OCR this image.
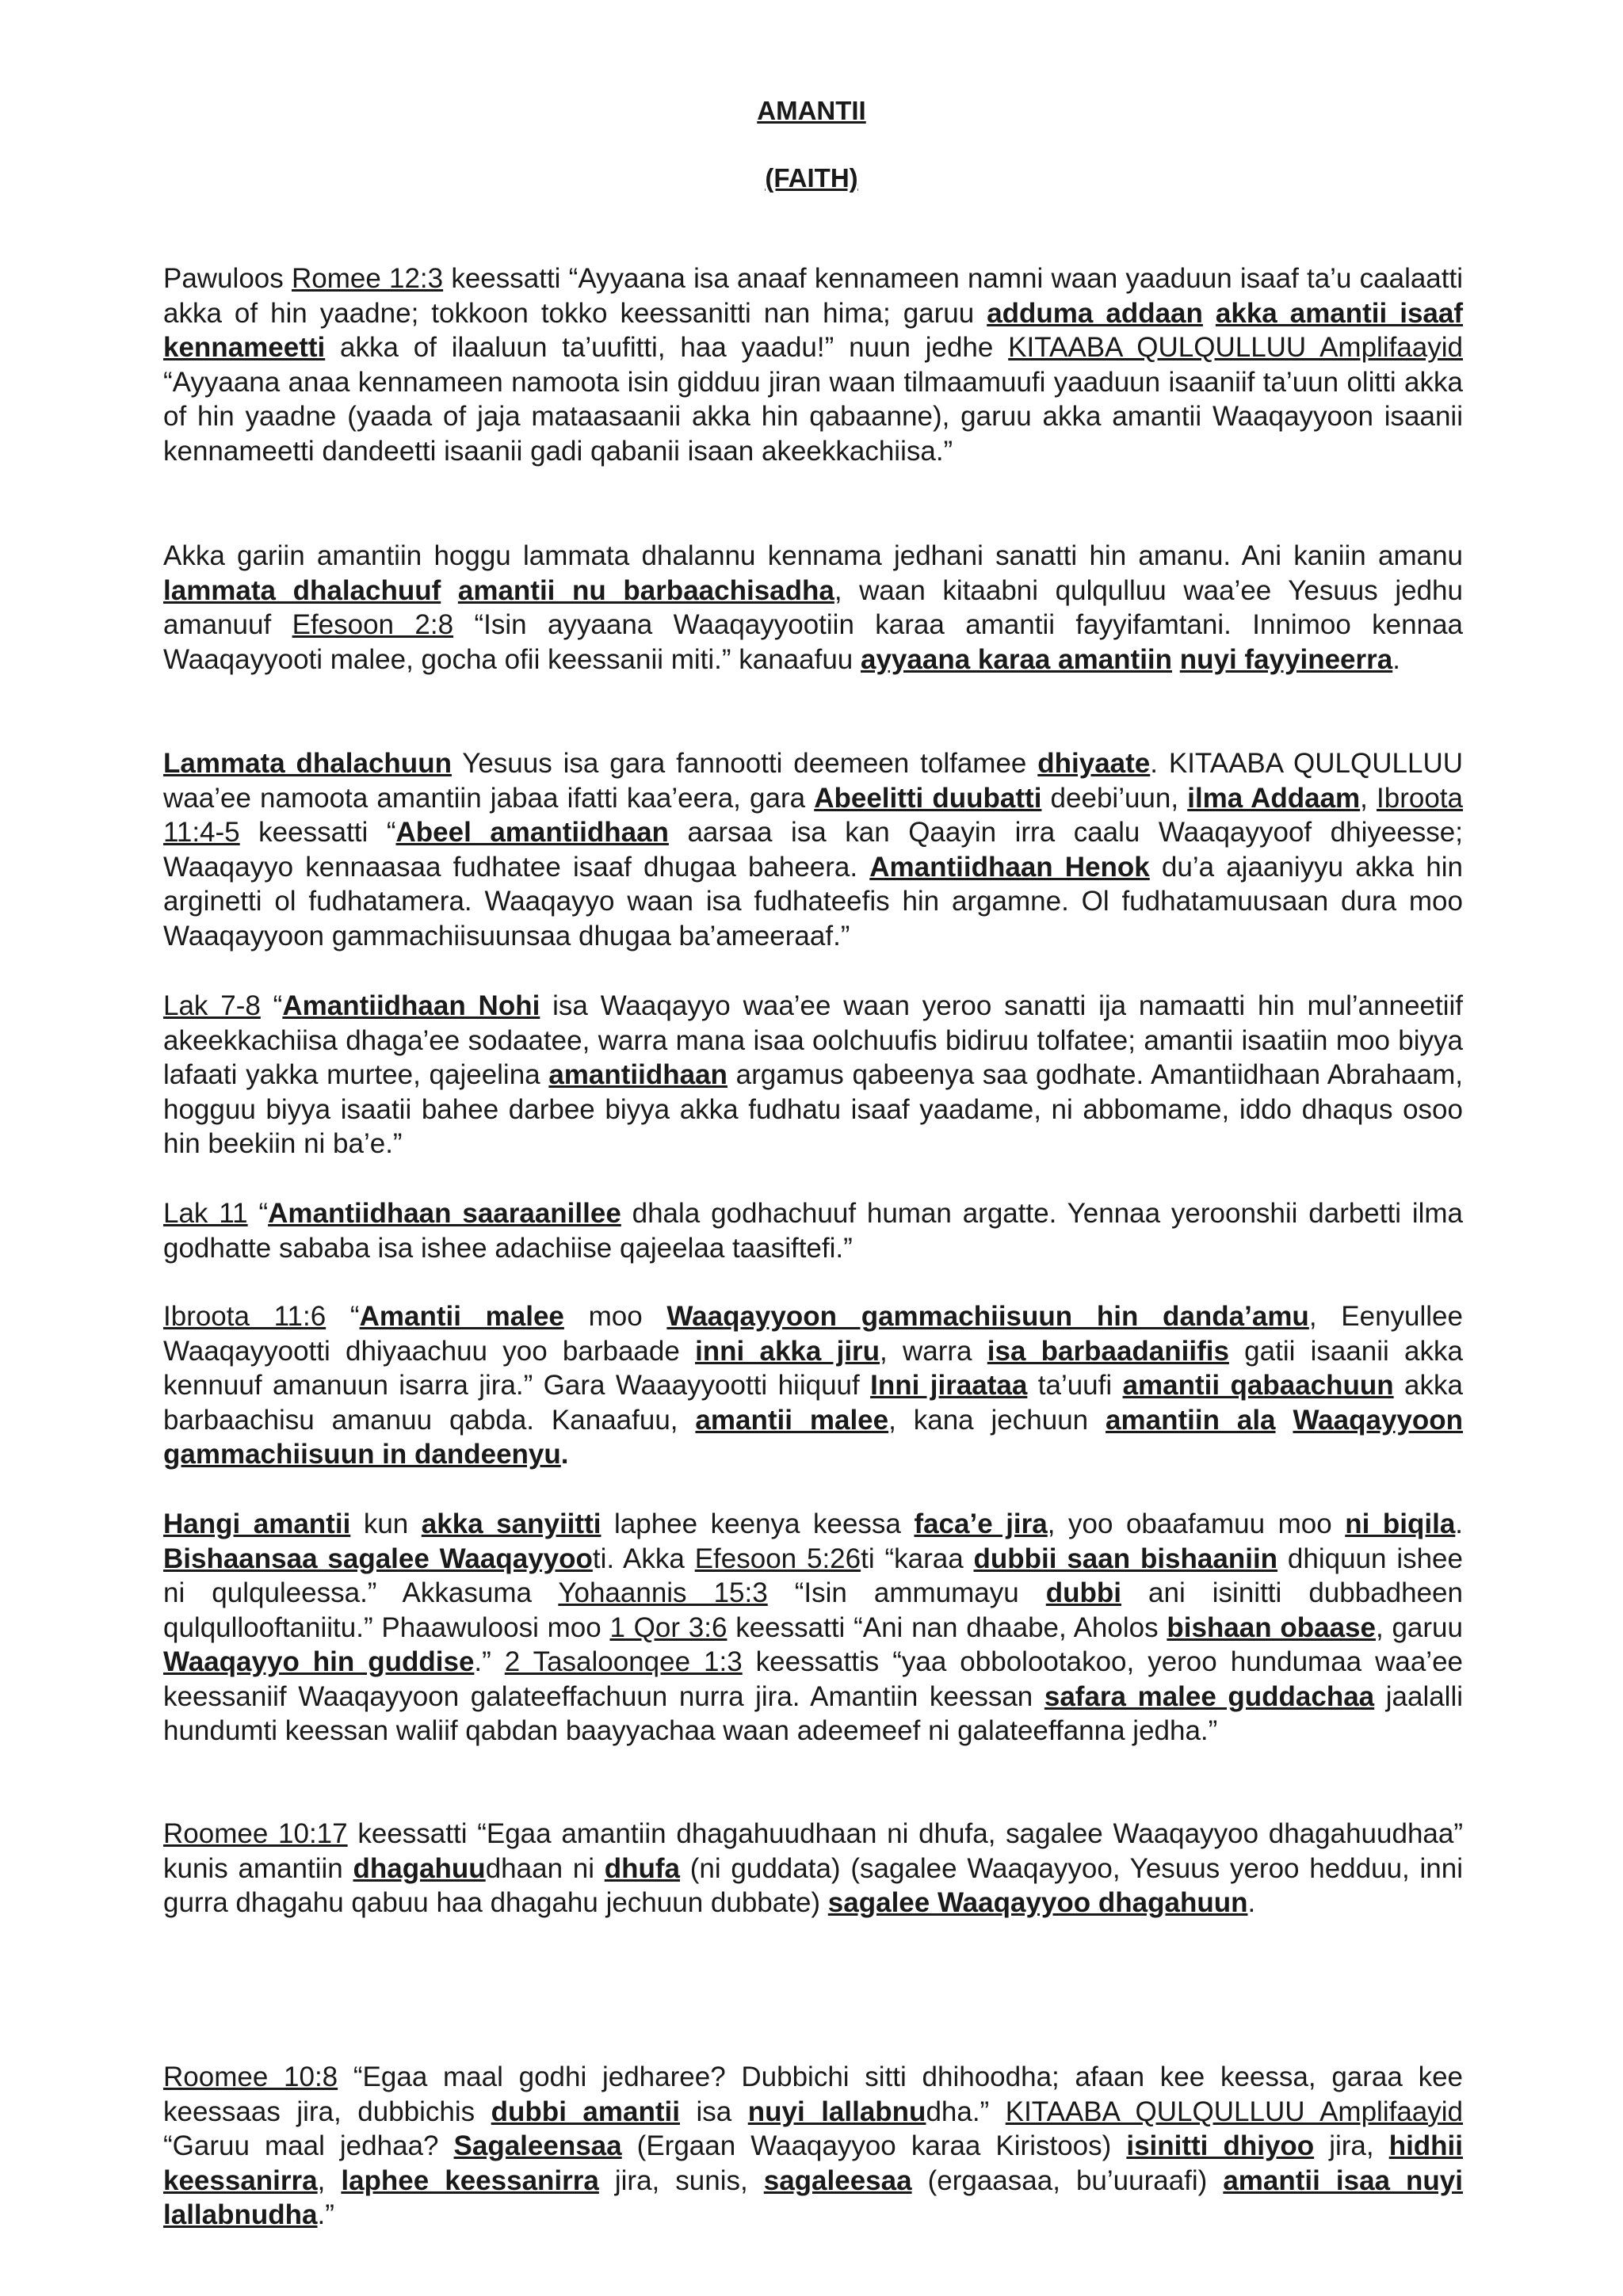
AMANTII
(FAITH)

Pawuloos Romee 12:3 keessatti “Ayyaana isa anaaf kennameen namni waan yaaduun isaaf ta’u caalaatti akka of hin yaadne; tokkoon tokko keessanitti nan hima; garuu adduma addaan akka amantii isaaf kennameetti akka of ilaaluun ta’uufitti, haa yaadu!” nuun jedhe KITAABA QULQULLUU Amplifaayid “Ayyaana anaa kennameen namoota isin gidduu jiran waan tilmaamuufi yaaduun isaaniif ta’uun olitti akka of hin yaadne (yaada of jaja mataasaanii akka hin qabaanne), garuu akka amantii Waaqayyoon isaanii kennameetti dandeetti isaanii gadi qabanii isaan akeekkachiisa.”

Akka gariin amantiin hoggu lammata dhalannu kennama jedhani sanatti hin amanu. Ani kaniin amanu lammata dhalachuuf amantii nu barbaachisadha, waan kitaabni qulqulluu waa’ee Yesuus jedhu amanuuf Efesoon 2:8 “Isin ayyaana Waaqayyootiin karaa amantii fayyifamtani. Innimoo kennaa Waaqayyooti malee, gocha ofii keessanii miti.” kanaafuu ayyaana karaa amantiin nuyi fayyineerra.

Lammata dhalachuun Yesuus isa gara fannootti deemeen tolfamee dhiyaate. KITAABA QULQULLUU waa’ee namoota amantiin jabaa ifatti kaa’eera, gara Abeelitti duubatti deebi’uun, ilma Addaam, Ibroota 11:4-5 keessatti “Abeel amantiidhaan aarsaa isa kan Qaayin irra caalu Waaqayyoof dhiyeesse; Waaqayyo kennaasaa fudhatee isaaf dhugaa baheera. Amantiidhaan Henok du’a ajaaniyyu akka hin arginetti ol fudhatamera. Waaqayyo waan isa fudhateefis hin argamne. Ol fudhatamuusaan dura moo Waaqayyoon gammachiisuunsaa dhugaa ba’ameeraaf.”

Lak 7-8 “Amantiidhaan Nohi isa Waaqayyo waa’ee waan yeroo sanatti ija namaatti hin mul’anneetiif akeekkachiisa dhaga’ee sodaatee, warra mana isaa oolchuufis bidiruu tolfatee; amantii isaatiin moo biyya lafaati yakka murtee, qajeelina amantiidhaan argamus qabeenya saa godhate. Amantiidhaan Abrahaam, hogguu biyya isaatii bahee darbee biyya akka fudhatu isaaf yaadame, ni abbomame, iddo dhaqus osoo hin beekiin ni ba’e.”

Lak 11 “Amantiidhaan saaraanillee dhala godhachuuf human argatte. Yennaa yeroonshii darbetti ilma godhatte sababa isa ishee adachiise qajeelaa taasiftefi.”

Ibroota 11:6 “Amantii malee moo Waaqayyoon gammachiisuun hin danda’amu, Eenyullee Waaqayyootti dhiyaachuu yoo barbaade inni akka jiru, warra isa barbaadaniifis gatii isaanii akka kennuuf amanuun isarra jira.” Gara Waaayyootti hiiquuf Inni jiraataa ta’uufi amantii qabaachuun akka barbaachisu amanuu qabda. Kanaafuu, amantii malee, kana jechuun amantiin ala Waaqayyoon gammachiisuun in dandeenyu.

Hangi amantii kun akka sanyiitti laphee keenya keessa faca’e jira, yoo obaafamuu moo ni biqila. Bishaansaa sagalee Waaqayyooti. Akka Efesoon 5:26ti “karaa dubbii saan bishaaniin dhiquun ishee ni qulquleessa.” Akkasuma Yohaannis 15:3 “Isin ammumayu dubbi ani isinitti dubbadheen qulqullooftaniitu.” Phaawuloosi moo 1 Qor 3:6 keessatti “Ani nan dhaabe, Aholos bishaan obaase, garuu Waaqayyo hin guddise.” 2 Tasaloonqee 1:3 keessattis “yaa obbolootakoo, yeroo hundumaa waa’ee keessaniif Waaqayyoon galateeffachuun nurra jira. Amantiin keessan safara malee guddachaa jaalalli hundumti keessan waliif qabdan baayyachaa waan adeemeef ni galateeffanna jedha.”

Roomee 10:17 keessatti “Egaa amantiin dhagahuudhaan ni dhufa, sagalee Waaqayyoo dhagahuudhaa” kunis amantiin dhagahuudhaan ni dhufa (ni guddata) (sagalee Waaqayyoo, Yesuus yeroo hedduu, inni gurra dhagahu qabuu haa dhagahu jechuun dubbate) sagalee Waaqayyoo dhagahuun.

Roomee 10:8 “Egaa maal godhi jedharee? Dubbichi sitti dhihoodha; afaan kee keessa, garaa kee keessaas jira, dubbichis dubbi amantii isa nuyi lallabnudha.” KITAABA QULQULLUU Amplifaayid “Garuu maal jedhaa? Sagaleensaa (Ergaan Waaqayyoo karaa Kiristoos) isinitti dhiyoo jira, hidhii keessanirra, laphee keessanirra jira, sunis, sagaleesaa (ergaasaa, bu’uuraafi) amantii isaa nuyi lallabnudha.”
